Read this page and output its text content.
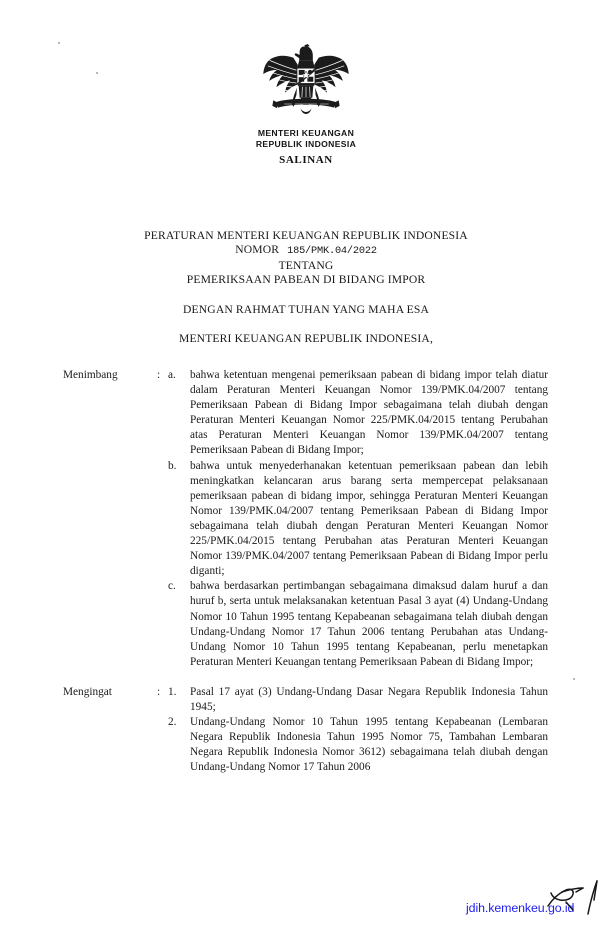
MENTERI KEUANGAN
REPUBLIK INDONESIA
SALINAN
PERATURAN MENTERI KEUANGAN REPUBLIK INDONESIA
NOMOR 185/PMK.04/2022
TENTANG
PEMERIKSAAN PABEAN DI BIDANG IMPOR
DENGAN RAHMAT TUHAN YANG MAHA ESA
MENTERI KEUANGAN REPUBLIK INDONESIA,
Menimbang	: a.	bahwa ketentuan mengenai pemeriksaan pabean di bidang impor telah diatur dalam Peraturan Menteri Keuangan Nomor 139/PMK.04/2007 tentang Pemeriksaan Pabean di Bidang Impor sebagaimana telah diubah dengan Peraturan Menteri Keuangan Nomor 225/PMK.04/2015 tentang Perubahan atas Peraturan Menteri Keuangan Nomor 139/PMK.04/2007 tentang Pemeriksaan Pabean di Bidang Impor;
b.	bahwa untuk menyederhanakan ketentuan pemeriksaan pabean dan lebih meningkatkan kelancaran arus barang serta mempercepat pelaksanaan pemeriksaan pabean di bidang impor, sehingga Peraturan Menteri Keuangan Nomor 139/PMK.04/2007 tentang Pemeriksaan Pabean di Bidang Impor sebagaimana telah diubah dengan Peraturan Menteri Keuangan Nomor 225/PMK.04/2015 tentang Perubahan atas Peraturan Menteri Keuangan Nomor 139/PMK.04/2007 tentang Pemeriksaan Pabean di Bidang Impor perlu diganti;
c.	bahwa berdasarkan pertimbangan sebagaimana dimaksud dalam huruf a dan huruf b, serta untuk melaksanakan ketentuan Pasal 3 ayat (4) Undang-Undang Nomor 10 Tahun 1995 tentang Kepabeanan sebagaimana telah diubah dengan Undang-Undang Nomor 17 Tahun 2006 tentang Perubahan atas Undang-Undang Nomor 10 Tahun 1995 tentang Kepabeanan, perlu menetapkan Peraturan Menteri Keuangan tentang Pemeriksaan Pabean di Bidang Impor;
Mengingat	: 1.	Pasal 17 ayat (3) Undang-Undang Dasar Negara Republik Indonesia Tahun 1945;
2.	Undang-Undang Nomor 10 Tahun 1995 tentang Kepabeanan (Lembaran Negara Republik Indonesia Tahun 1995 Nomor 75, Tambahan Lembaran Negara Republik Indonesia Nomor 3612) sebagaimana telah diubah dengan Undang-Undang Nomor 17 Tahun 2006
jdih.kemenkeu.go.id
